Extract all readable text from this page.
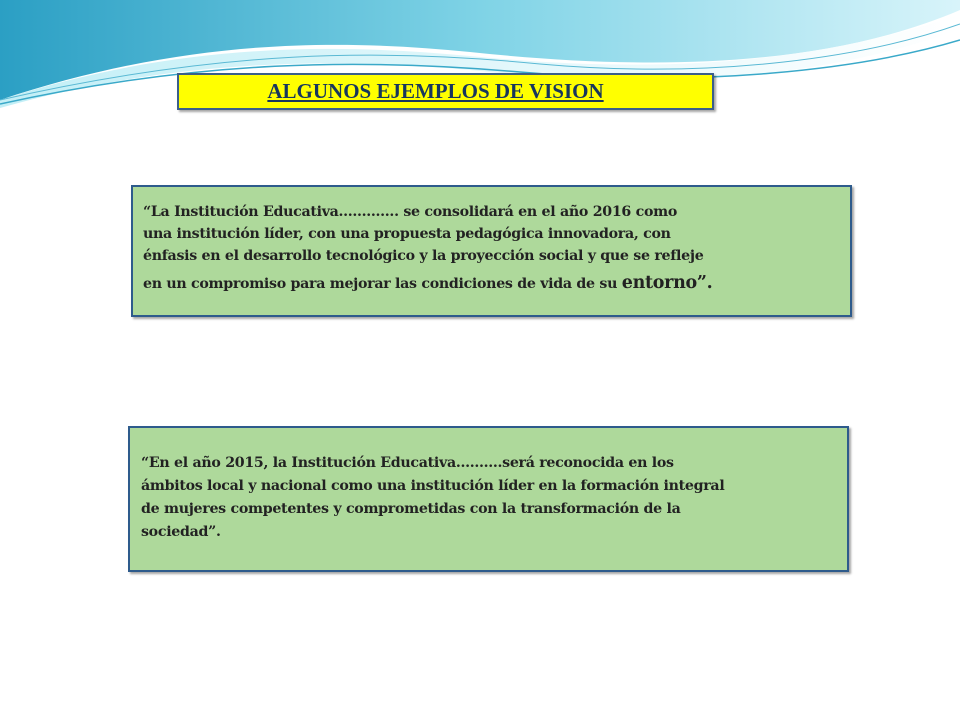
ALGUNOS EJEMPLOS DE VISION
“La Institución Educativa…………. se consolidará en el año 2016 como
una institución líder, con una propuesta pedagógica innovadora, con
énfasis en el desarrollo tecnológico y la proyección social y que se refleje
en un compromiso para mejorar las condiciones de vida de su entorno”.
“En el año 2015, la Institución Educativa……….será reconocida en los
ámbitos local y nacional como una institución líder en la formación integral
de mujeres competentes y comprometidas con la transformación de la
sociedad”.
